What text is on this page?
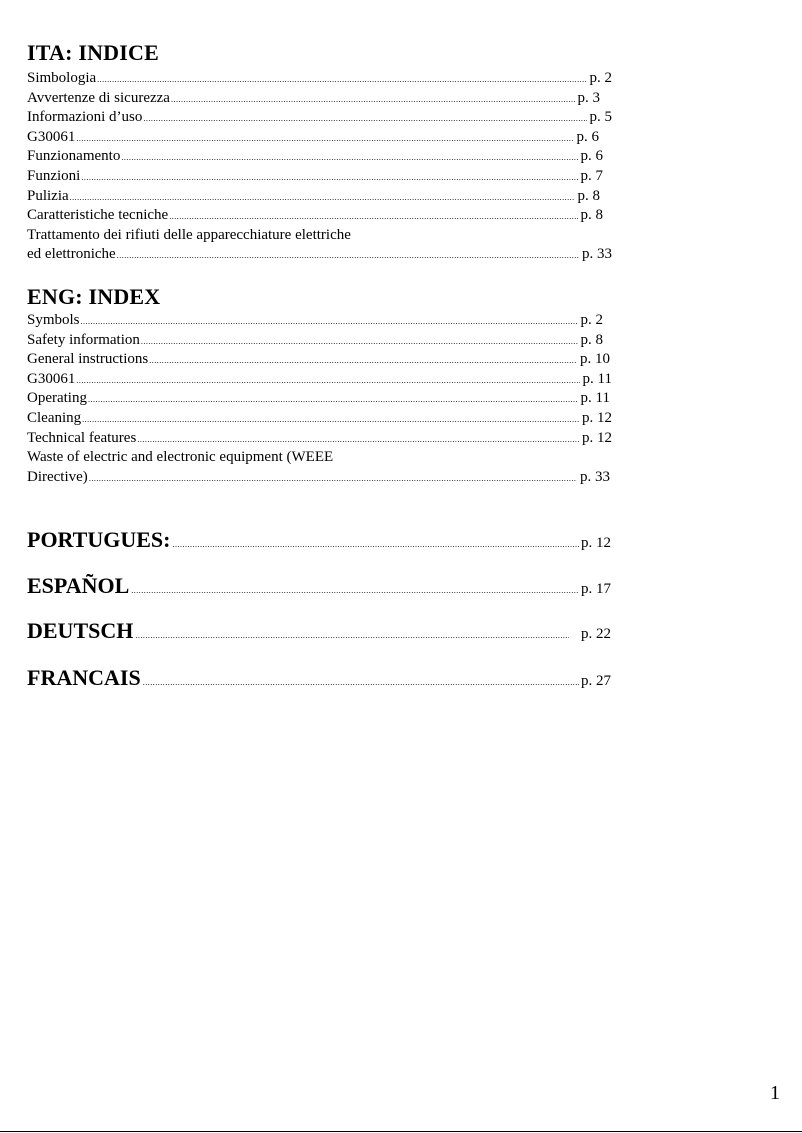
ITA: INDICE
Simbologia .....	p. 2
Avvertenze di sicurezza .....	p. 3
Informazioni d’uso .....	p. 5
G30061 .....	p. 6
Funzionamento .....	p. 6
Funzioni .....	p. 7
Pulizia .....	p. 8
Caratteristiche tecniche .....	p. 8
Trattamento dei rifiuti delle apparecchiature elettriche
ed elettroniche .....	p. 33
ENG: INDEX
Symbols .....	p. 2
Safety information .....	p. 8
General instructions .....	p. 10
G30061 .....	p. 11
Operating .....	p. 11
Cleaning .....	p. 12
Technical features .....	p. 12
Waste of electric and electronic equipment (WEEE
Directive) .....	p. 33
PORTUGUES: .....	p. 12
ESPAÑOL .....	p. 17
DEUTSCH .....	p. 22
FRANCAIS .....	p. 27
1
